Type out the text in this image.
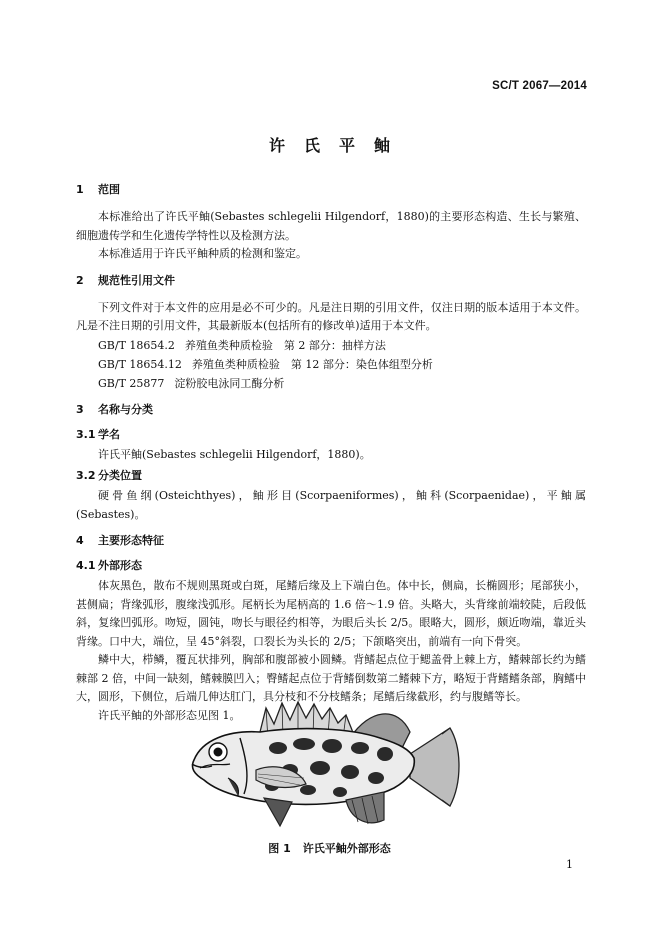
SC/T 2067—2014
许氏平鲉
1 范围

本标准给出了许氏平鲉(Sebastes schlegelii Hilgendorf，1880)的主要形态构造、生长与繁殖、细胞遗传学和生化遗传学特性以及检测方法。

本标准适用于许氏平鲉种质的检测和鉴定。

2 规范性引用文件

下列文件对于本文件的应用是必不可少的。凡是注日期的引用文件，仅注日期的版本适用于本文件。凡是不注日期的引用文件，其最新版本(包括所有的修改单)适用于本文件。

GB/T 18654.2 养殖鱼类种质检验　第 2 部分：抽样方法
GB/T 18654.12 养殖鱼类种质检验　第 12 部分：染色体组型分析
GB/T 25877 淀粉胶电泳同工酶分析
3 名称与分类
3.1 学名

许氏平鲉(Sebastes schlegelii Hilgendorf，1880)。

3.2 分类位置

硬骨鱼纲(Osteichthyes)，鲉形目(Scorpaeniformes)，鲉科(Scorpaenidae)，平鲉属(Sebastes)。

4 主要形态特征
4.1 外部形态

体灰黑色，散布不规则黑斑或白斑，尾鳍后缘及上下端白色。体中长，侧扁，长椭圆形；尾部狭小，甚侧扁；背缘弧形，腹缘浅弧形。尾柄长为尾柄高的 1.6 倍～1.9 倍。头略大，头背缘前端较陡，后段低斜，复缘凹弧形。吻短，圆钝，吻长与眼径约相等，为眼后头长 2/5。眼略大，圆形，颇近吻端，靠近头背缘。口中大，端位，呈 45°斜裂，口裂长为头长的 2/5；下颌略突出，前端有一向下骨突。

鳞中大，栉鳞，覆瓦状排列，胸部和腹部被小圆鳞。背鳍起点位于鳃盖骨上棘上方，鳍棘部长约为鳍棘部 2 倍，中间一缺刻，鳍棘膜凹入；臀鳍起点位于背鳍倒数第二鳍棘下方，略短于背鳍鳍条部，胸鳍中大，圆形，下侧位，后端几伸达肛门，具分枝和不分枝鳍条；尾鳍后缘截形，约与腹鳍等长。

许氏平鲉的外部形态见图 1。

图 1 许氏平鲉外部形态
1
